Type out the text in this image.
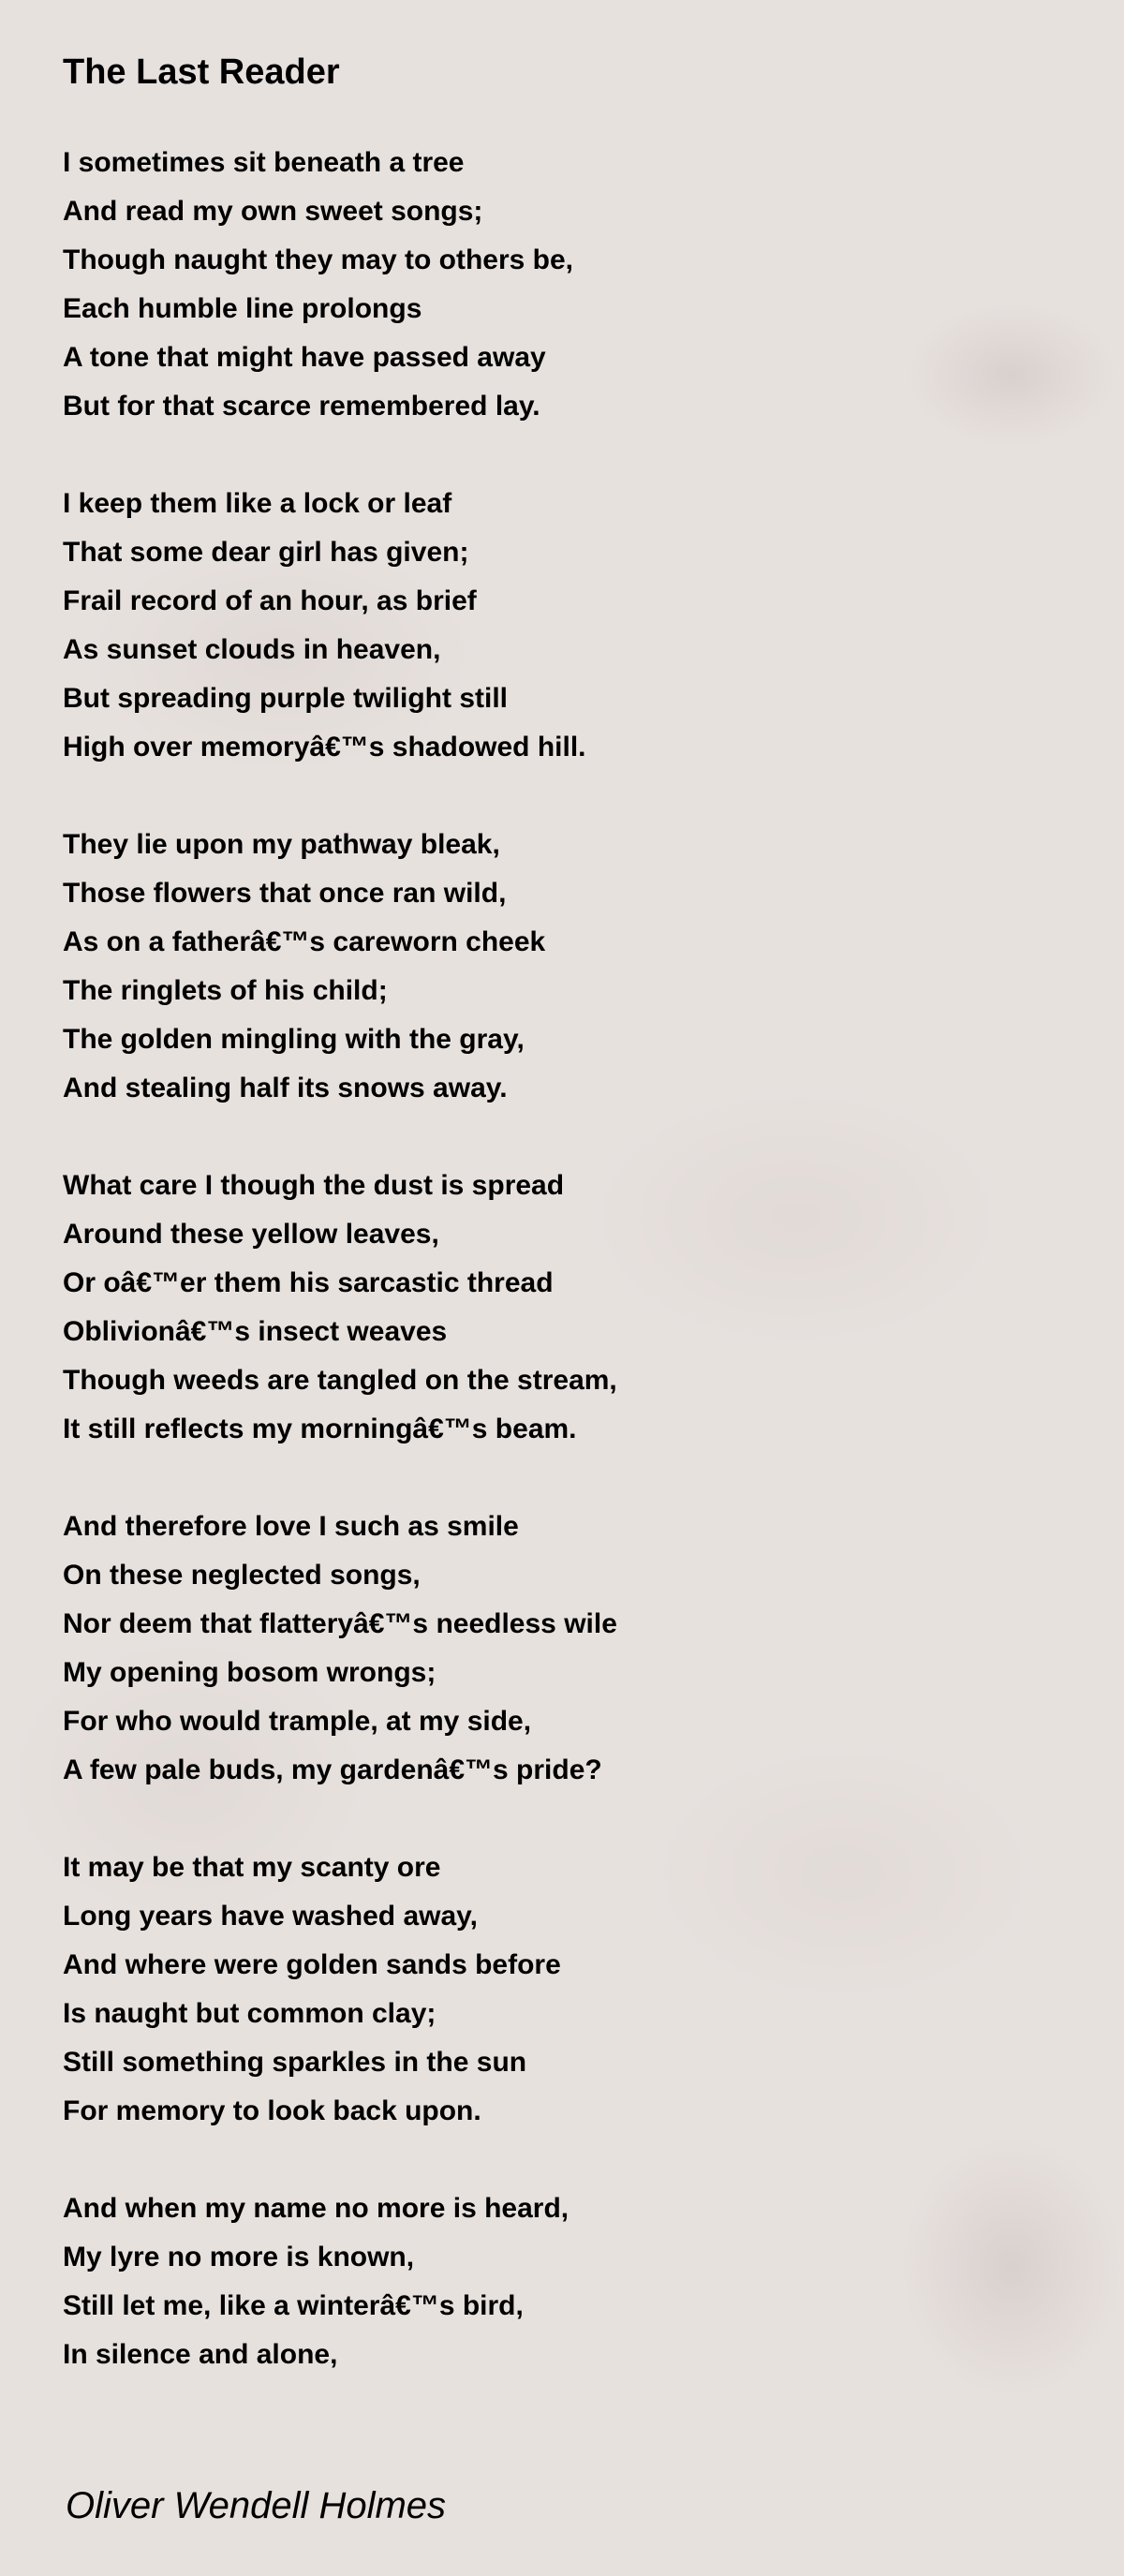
The Last Reader
I sometimes sit beneath a tree
And read my own sweet songs;
Though naught they may to others be,
Each humble line prolongs
A tone that might have passed away
But for that scarce remembered lay.
I keep them like a lock or leaf
That some dear girl has given;
Frail record of an hour, as brief
As sunset clouds in heaven,
But spreading purple twilight still
High over memoryâ€™s shadowed hill.
They lie upon my pathway bleak,
Those flowers that once ran wild,
As on a fatherâ€™s careworn cheek
The ringlets of his child;
The golden mingling with the gray,
And stealing half its snows away.
What care I though the dust is spread
Around these yellow leaves,
Or oâ€™er them his sarcastic thread
Oblivionâ€™s insect weaves
Though weeds are tangled on the stream,
It still reflects my morningâ€™s beam.
And therefore love I such as smile
On these neglected songs,
Nor deem that flatteryâ€™s needless wile
My opening bosom wrongs;
For who would trample, at my side,
A few pale buds, my gardenâ€™s pride?
It may be that my scanty ore
Long years have washed away,
And where were golden sands before
Is naught but common clay;
Still something sparkles in the sun
For memory to look back upon.
And when my name no more is heard,
My lyre no more is known,
Still let me, like a winterâ€™s bird,
In silence and alone,
Oliver Wendell Holmes
